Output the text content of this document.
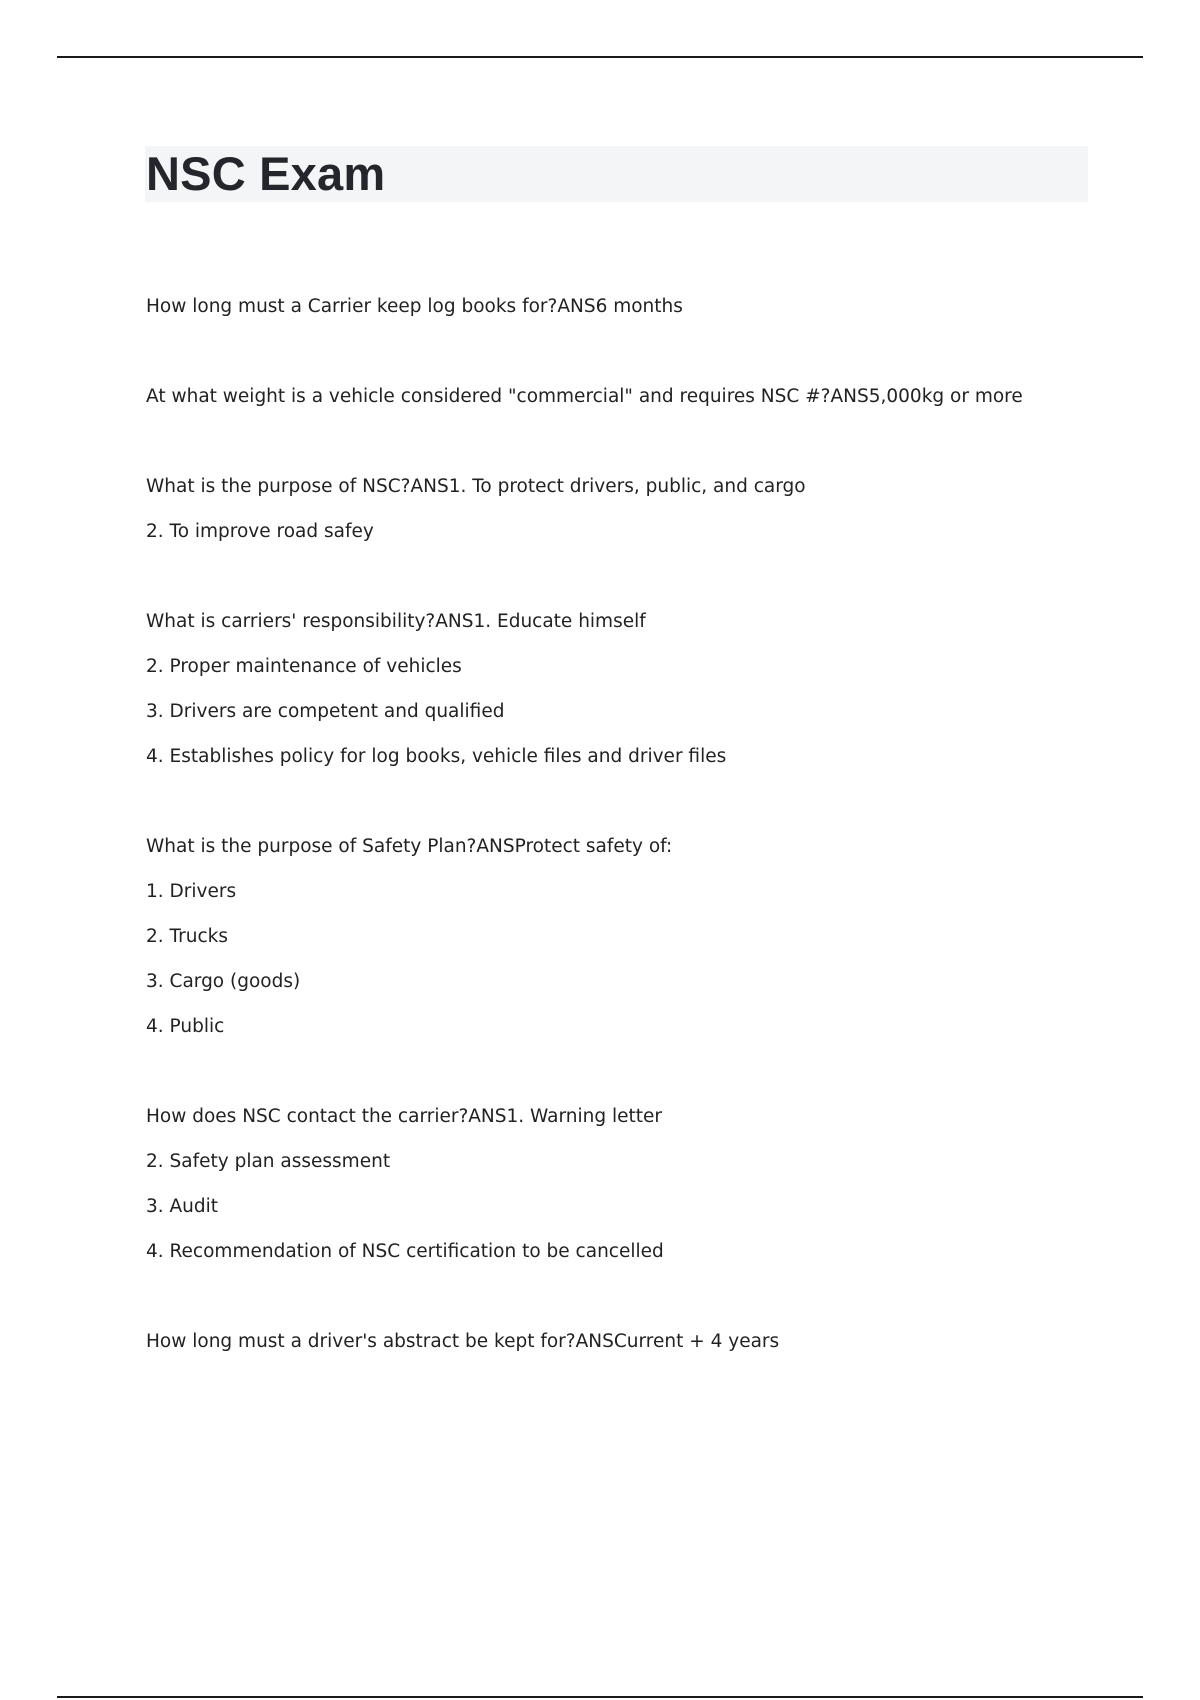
NSC Exam
How long must a Carrier keep log books for?ANS6 months
At what weight is a vehicle considered "commercial" and requires NSC #?ANS5,000kg or more
What is the purpose of NSC?ANS1. To protect drivers, public, and cargo
2. To improve road safey
What is carriers' responsibility?ANS1. Educate himself
2. Proper maintenance of vehicles
3. Drivers are competent and qualified
4. Establishes policy for log books, vehicle files and driver files
What is the purpose of Safety Plan?ANSProtect safety of:
1. Drivers
2. Trucks
3. Cargo (goods)
4. Public
How does NSC contact the carrier?ANS1. Warning letter
2. Safety plan assessment
3. Audit
4. Recommendation of NSC certification to be cancelled
How long must a driver's abstract be kept for?ANSCurrent + 4 years
